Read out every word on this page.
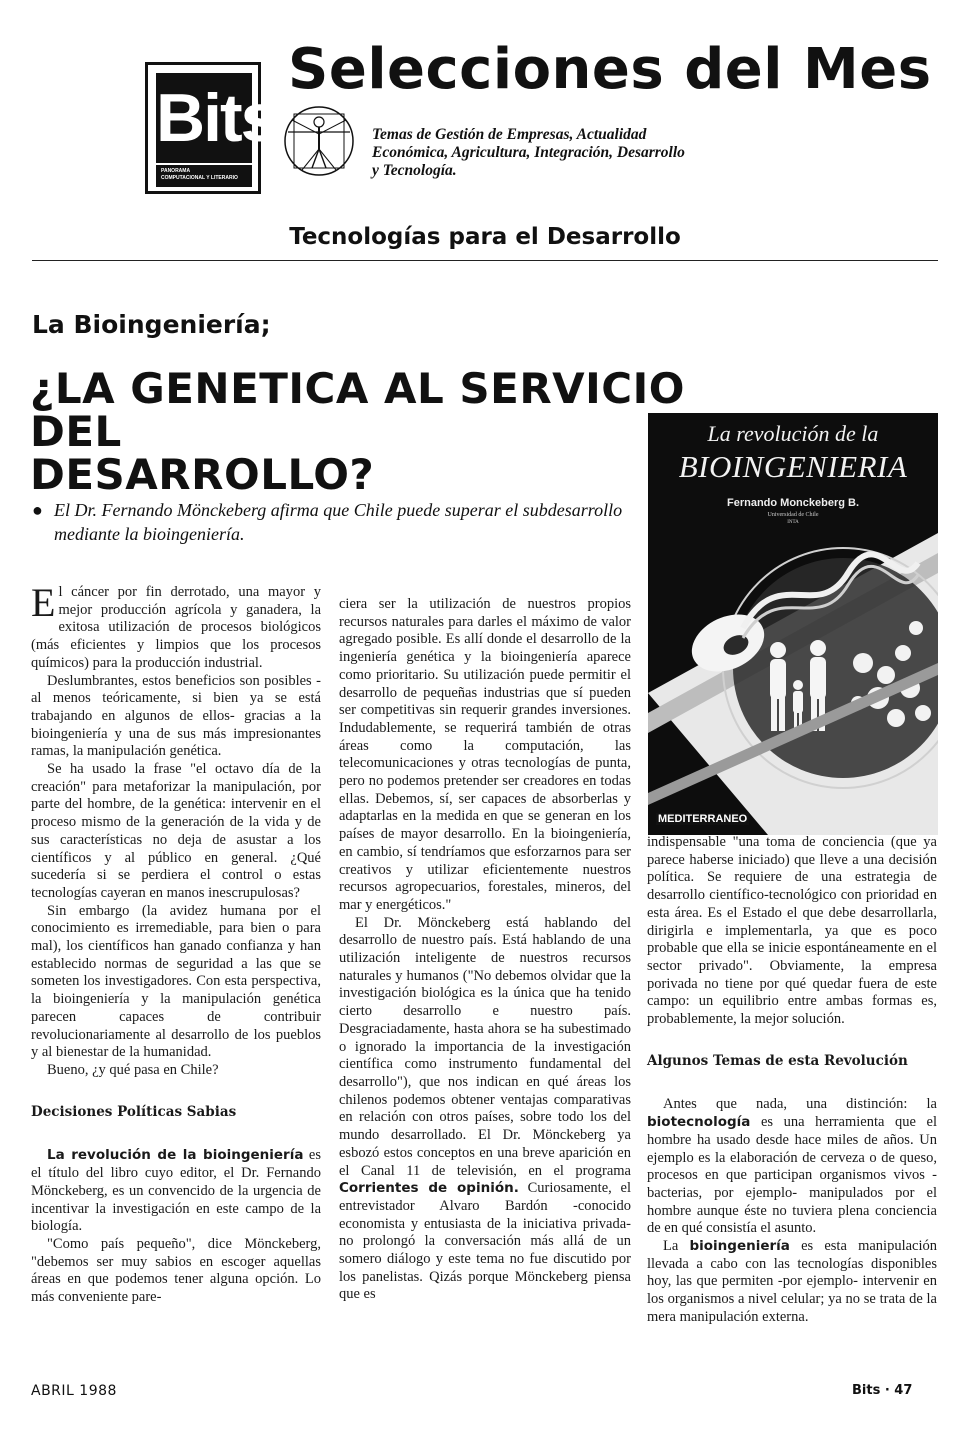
Bits
PANORAMA
COMPUTACIONAL Y LITERARIO
Selecciones del Mes
Temas de Gestión de Empresas, Actualidad
Económica, Agricultura, Integración, Desarrollo
y Tecnología.
Tecnologías para el Desarrollo
La Bioingeniería;
¿LA GENETICA AL SERVICIO DEL
DESARROLLO?
● El Dr. Fernando Mönckeberg afirma que Chile puede superar el subdesarrollo mediante la bioingeniería.
La revolución de la
BIOINGENIERIA
Fernando Monckeberg B.
Universidad de Chile
INTA
MEDITERRANEO

El cáncer por fin derrotado, una mayor y mejor producción agrícola y ganadera, la exitosa utilización de procesos biológicos (más eficientes y limpios que los procesos químicos) para la producción industrial.

Deslumbrantes, estos beneficios son posibles -al menos teóricamente, si bien ya se está trabajando en algunos de ellos- gracias a la bioingeniería y una de sus más impresionantes ramas, la manipulación genética.

Se ha usado la frase "el octavo día de la creación" para metaforizar la manipulación, por parte del hombre, de la genética: intervenir en el proceso mismo de la generación de la vida y de sus características no deja de asustar a los científicos y al público en general. ¿Qué sucedería si se perdiera el control o estas tecnologías cayeran en manos inescrupulosas?

Sin embargo (la avidez humana por el conocimiento es irremediable, para bien o para mal), los científicos han ganado confianza y han establecido normas de seguridad a las que se someten los investigadores. Con esta perspectiva, la bioingeniería y la manipulación genética parecen capaces de contribuir revolucionariamente al desarrollo de los pueblos y al bienestar de la humanidad.

Bueno, ¿y qué pasa en Chile?

Decisiones Políticas Sabias

La revolución de la bioingeniería es el título del libro cuyo editor, el Dr. Fernando Mönckeberg, es un convencido de la urgencia de incentivar la investigación en este campo de la biología.

"Como país pequeño", dice Mönckeberg, "debemos ser muy sabios en escoger aquellas áreas en que podemos tener alguna opción. Lo más conveniente pare-

ciera ser la utilización de nuestros propios recursos naturales para darles el máximo de valor agregado posible. Es allí donde el desarrollo de la ingeniería genética y la bioingeniería aparece como prioritario. Su utilización puede permitir el desarrollo de pequeñas industrias que sí pueden ser competitivas sin requerir grandes inversiones. Indudablemente, se requerirá también de otras áreas como la computación, las telecomunicaciones y otras tecnologías de punta, pero no podemos pretender ser creadores en todas ellas. Debemos, sí, ser capaces de absorberlas y adaptarlas en la medida en que se generan en los países de mayor desarrollo. En la bioingeniería, en cambio, sí tendríamos que esforzarnos para ser creativos y utilizar eficientemente nuestros recursos agropecuarios, forestales, mineros, del mar y energéticos."

El Dr. Mönckeberg está hablando del desarrollo de nuestro país. Está hablando de una utilización inteligente de nuestros recursos naturales y humanos ("No debemos olvidar que la investigación biológica es la única que ha tenido cierto desarrollo e nuestro país. Desgraciadamente, hasta ahora se ha subestimado o ignorado la importancia de la investigación científica como instrumento fundamental del desarrollo"), que nos indican en qué áreas los chilenos podemos obtener ventajas comparativas en relación con otros países, sobre todo los del mundo desarrollado. El Dr. Mönckeberg ya esbozó estos conceptos en una breve aparición en el Canal 11 de televisión, en el programa Corrientes de opinión. Curiosamente, el entrevistador Alvaro Bardón -conocido economista y entusiasta de la iniciativa privada- no prolongó la conversación más allá de un somero diálogo y este tema no fue discutido por los panelistas. Qizás porque Mönckeberg piensa que es

indispensable "una toma de conciencia (que ya parece haberse iniciado) que lleve a una decisión política. Se requiere de una estrategia de desarrollo científico-tecnológico con prioridad en esta área. Es el Estado el que debe desarrollarla, dirigirla e implementarla, ya que es poco probable que ella se inicie espontáneamente en el sector privado". Obviamente, la empresa porivada no tiene por qué quedar fuera de este campo: un equilibrio entre ambas formas es, probablemente, la mejor solución.

Algunos Temas de esta Revolución

Antes que nada, una distinción: la biotecnología es una herramienta que el hombre ha usado desde hace miles de años. Un ejemplo es la elaboración de cerveza o de queso, procesos en que participan organismos vivos -bacterias, por ejemplo- manipulados por el hombre aunque éste no tuviera plena conciencia de en qué consistía el asunto.

La bioingeniería es esta manipulación llevada a cabo con las tecnologías disponibles hoy, las que permiten -por ejemplo- intervenir en los organismos a nivel celular; ya no se trata de la mera manipulación externa.

ABRIL 1988	Bits · 47
